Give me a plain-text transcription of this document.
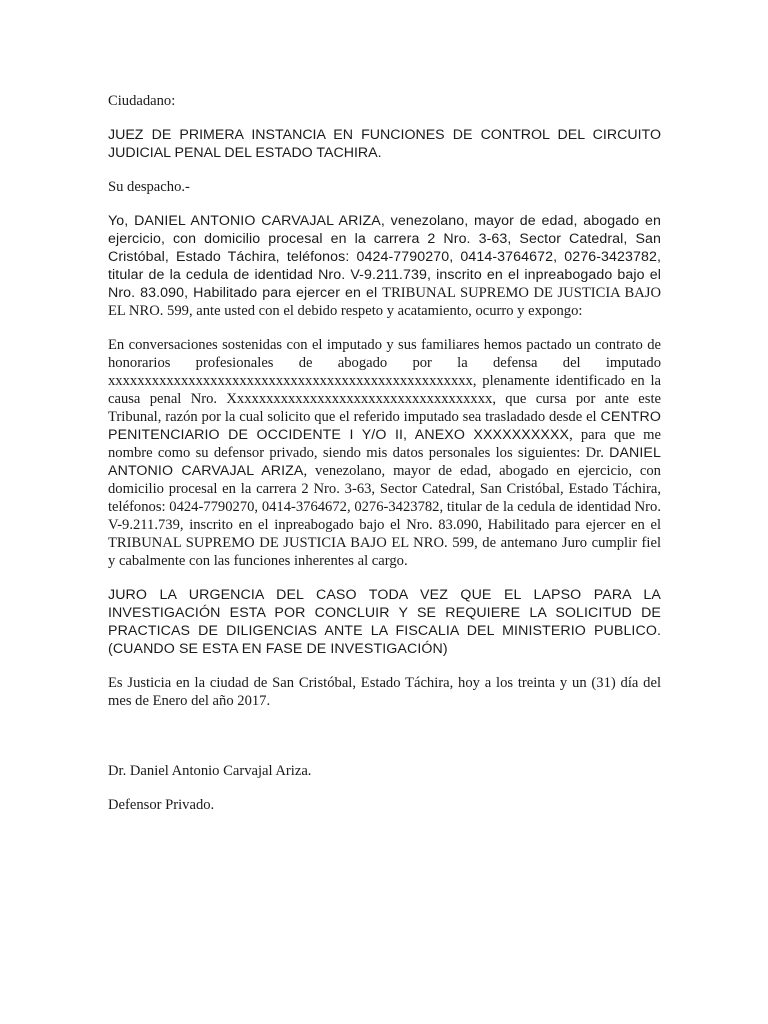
Ciudadano:

JUEZ DE PRIMERA INSTANCIA EN FUNCIONES DE CONTROL DEL CIRCUITO JUDICIAL PENAL DEL ESTADO TACHIRA.

Su despacho.-

Yo, DANIEL ANTONIO CARVAJAL ARIZA, venezolano, mayor de edad, abogado en ejercicio, con domicilio procesal en la carrera 2 Nro. 3-63, Sector Catedral, San Cristóbal, Estado Táchira, teléfonos: 0424-7790270, 0414-3764672, 0276-3423782, titular de la cedula de identidad Nro. V-9.211.739, inscrito en el inpreabogado bajo el Nro. 83.090, Habilitado para ejercer en el TRIBUNAL SUPREMO DE JUSTICIA BAJO EL NRO. 599, ante usted con el debido respeto y acatamiento, ocurro y expongo:

En conversaciones sostenidas con el imputado y sus familiares hemos pactado un contrato de honorarios profesionales de abogado por la defensa del imputado xxxxxxxxxxxxxxxxxxxxxxxxxxxxxxxxxxxxxxxxxxxxxxxxxx, plenamente identificado en la causa penal Nro. Xxxxxxxxxxxxxxxxxxxxxxxxxxxxxxxxxxxx, que cursa por ante este Tribunal, razón por la cual solicito que el referido imputado sea trasladado desde el CENTRO PENITENCIARIO DE OCCIDENTE I Y/O II, ANEXO XXXXXXXXXX, para que me nombre como su defensor privado, siendo mis datos personales los siguientes: Dr. DANIEL ANTONIO CARVAJAL ARIZA, venezolano, mayor de edad, abogado en ejercicio, con domicilio procesal en la carrera 2 Nro. 3-63, Sector Catedral, San Cristóbal, Estado Táchira, teléfonos: 0424-7790270, 0414-3764672, 0276-3423782, titular de la cedula de identidad Nro. V-9.211.739, inscrito en el inpreabogado bajo el Nro. 83.090, Habilitado para ejercer en el TRIBUNAL SUPREMO DE JUSTICIA BAJO EL NRO. 599, de antemano Juro cumplir fiel y cabalmente con las funciones inherentes al cargo.

JURO LA URGENCIA DEL CASO TODA VEZ QUE EL LAPSO PARA LA INVESTIGACIÓN ESTA POR CONCLUIR Y SE REQUIERE LA SOLICITUD DE PRACTICAS DE DILIGENCIAS ANTE LA FISCALIA DEL MINISTERIO PUBLICO. (CUANDO SE ESTA EN FASE DE INVESTIGACIÓN)

Es Justicia en la ciudad de San Cristóbal, Estado Táchira, hoy a los treinta y un (31) día del mes de Enero del año 2017.

Dr. Daniel Antonio Carvajal Ariza.

Defensor Privado.
